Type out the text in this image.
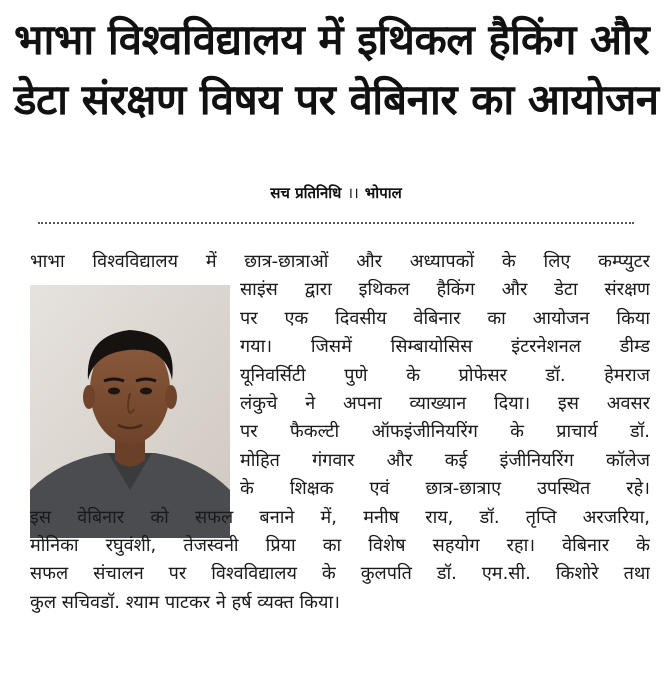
भाभा विश्वविद्यालय में इथिकल हैकिंग और
डेटा संरक्षण विषय पर वेबिनार का आयोजन
सच प्रतिनिधि ।। भोपाल
भाभा विश्वविद्यालय में छात्र-छात्राओं और अध्यापकों के लिए कम्प्युटर
साइंस द्वारा इथिकल हैकिंग और डेटा संरक्षण
पर एक दिवसीय वेबिनार का आयोजन किया
गया। जिसमें सिम्बायोसिस इंटरनेशनल डीम्ड
यूनिवर्सिटी पुणे के प्रोफेसर डॉ. हेमराज
लंकुचे ने अपना व्याख्यान दिया। इस अवसर
पर फैकल्टी ऑफइंजीनियरिंग के प्राचार्य डॉ.
मोहित गंगवार और कई इंजीनियरिंग कॉलेज
के शिक्षक एवं छात्र-छात्राए उपस्थित रहे।
इस वेबिनार को सफल बनाने में, मनीष राय, डॉ. तृप्ति अरजरिया,
मोनिका रघुवंशी, तेजस्वनी प्रिया का विशेष सहयोग रहा। वेबिनार के
सफल संचालन पर विश्वविद्यालय के कुलपति डॉ. एम.सी. किशोरे तथा
कुल सचिवडॉ. श्याम पाटकर ने हर्ष व्यक्त किया।
